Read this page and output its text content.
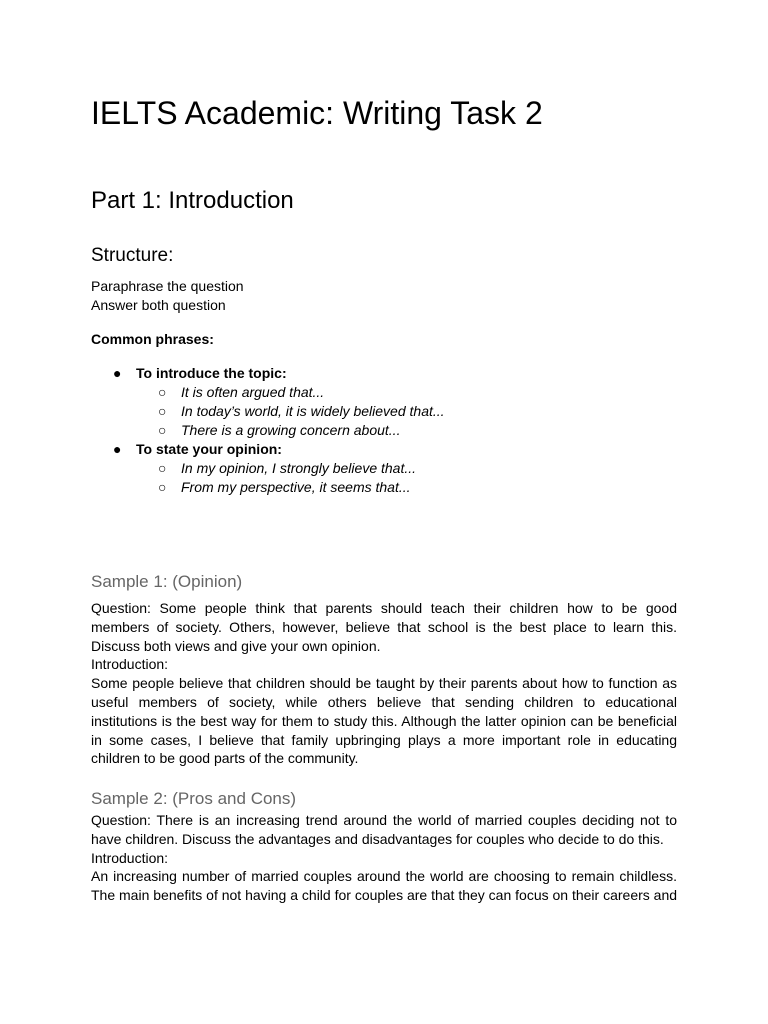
IELTS Academic: Writing Task 2
Part 1: Introduction
Structure:
Paraphrase the question
Answer both question
Common phrases:
● To introduce the topic:
○ It is often argued that...
○ In today’s world, it is widely believed that...
○ There is a growing concern about...
● To state your opinion:
○ In my opinion, I strongly believe that...
○ From my perspective, it seems that...
Sample 1: (Opinion)

Question: Some people think that parents should teach their children how to be good members of society. Others, however, believe that school is the best place to learn this. Discuss both views and give your own opinion.

Introduction:

Some people believe that children should be taught by their parents about how to function as useful members of society, while others believe that sending children to educational institutions is the best way for them to study this. Although the latter opinion can be beneficial in some cases, I believe that family upbringing plays a more important role in educating children to be good parts of the community.

Sample 2: (Pros and Cons)

Question: There is an increasing trend around the world of married couples deciding not to have children. Discuss the advantages and disadvantages for couples who decide to do this.

Introduction:

An increasing number of married couples around the world are choosing to remain childless. The main benefits of not having a child for couples are that they can focus on their careers and
